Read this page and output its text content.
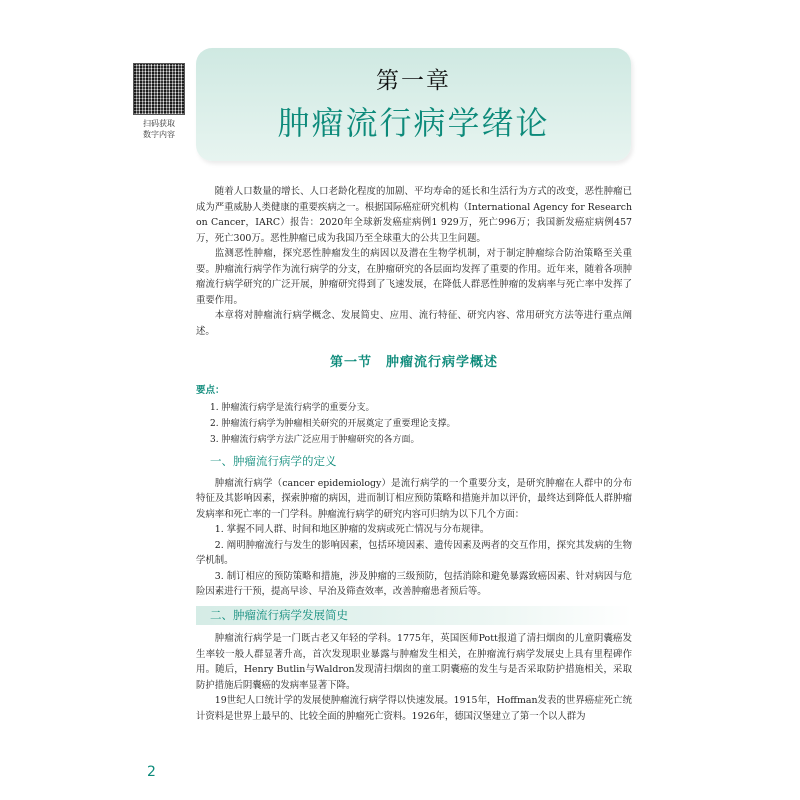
扫码获取
数字内容
第一章
肿瘤流行病学绪论

随着人口数量的增长、人口老龄化程度的加剧、平均寿命的延长和生活行为方式的改变，恶性肿瘤已成为严重威胁人类健康的重要疾病之一。根据国际癌症研究机构（International Agency for Research on Cancer，IARC）报告：2020年全球新发癌症病例1 929万，死亡996万；我国新发癌症病例457万，死亡300万。恶性肿瘤已成为我国乃至全球重大的公共卫生问题。

监测恶性肿瘤，探究恶性肿瘤发生的病因以及潜在生物学机制，对于制定肿瘤综合防治策略至关重要。肿瘤流行病学作为流行病学的分支，在肿瘤研究的各层面均发挥了重要的作用。近年来，随着各项肿瘤流行病学研究的广泛开展，肿瘤研究得到了飞速发展，在降低人群恶性肿瘤的发病率与死亡率中发挥了重要作用。

本章将对肿瘤流行病学概念、发展简史、应用、流行特征、研究内容、常用研究方法等进行重点阐述。

第一节　肿瘤流行病学概述
要点：
1. 肿瘤流行病学是流行病学的重要分支。
2. 肿瘤流行病学为肿瘤相关研究的开展奠定了重要理论支撑。
3. 肿瘤流行病学方法广泛应用于肿瘤研究的各方面。
一、肿瘤流行病学的定义

肿瘤流行病学（cancer epidemiology）是流行病学的一个重要分支，是研究肿瘤在人群中的分布特征及其影响因素，探索肿瘤的病因，进而制订相应预防策略和措施并加以评价，最终达到降低人群肿瘤发病率和死亡率的一门学科。肿瘤流行病学的研究内容可归纳为以下几个方面：

1. 掌握不同人群、时间和地区肿瘤的发病或死亡情况与分布规律。

2. 阐明肿瘤流行与发生的影响因素，包括环境因素、遗传因素及两者的交互作用，探究其发病的生物学机制。

3. 制订相应的预防策略和措施，涉及肿瘤的三级预防，包括消除和避免暴露致癌因素、针对病因与危险因素进行干预，提高早诊、早治及筛查效率，改善肿瘤患者预后等。

二、肿瘤流行病学发展简史

肿瘤流行病学是一门既古老又年轻的学科。1775年，英国医师Pott报道了清扫烟囱的儿童阴囊癌发生率较一般人群显著升高，首次发现职业暴露与肿瘤发生相关，在肿瘤流行病学发展史上具有里程碑作用。随后，Henry Butlin与Waldron发现清扫烟囱的童工阴囊癌的发生与是否采取防护措施相关，采取防护措施后阴囊癌的发病率显著下降。

19世纪人口统计学的发展使肿瘤流行病学得以快速发展。1915年，Hoffman发表的世界癌症死亡统计资料是世界上最早的、比较全面的肿瘤死亡资料。1926年，德国汉堡建立了第一个以人群为

2
